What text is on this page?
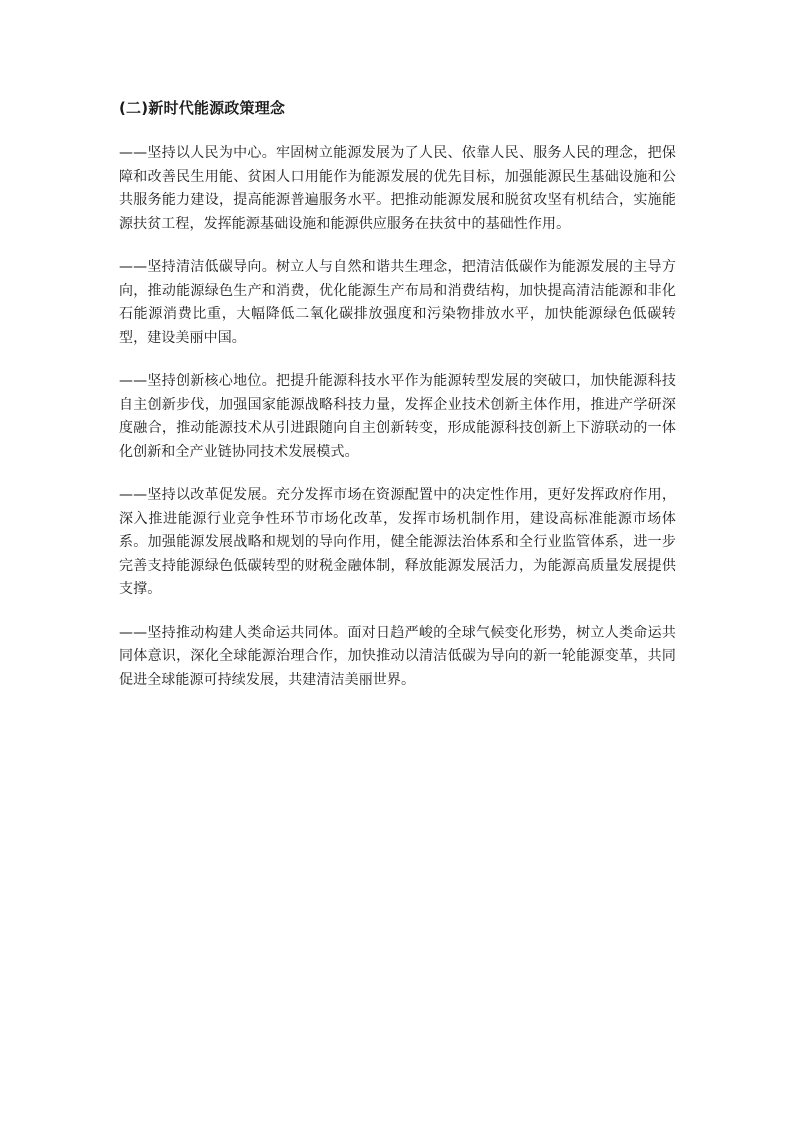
(二)新时代能源政策理念

——坚持以人民为中心。牢固树立能源发展为了人民、依靠人民、服务人民的理念，把保障和改善民生用能、贫困人口用能作为能源发展的优先目标，加强能源民生基础设施和公共服务能力建设，提高能源普遍服务水平。把推动能源发展和脱贫攻坚有机结合，实施能源扶贫工程，发挥能源基础设施和能源供应服务在扶贫中的基础性作用。

——坚持清洁低碳导向。树立人与自然和谐共生理念，把清洁低碳作为能源发展的主导方向，推动能源绿色生产和消费，优化能源生产布局和消费结构，加快提高清洁能源和非化石能源消费比重，大幅降低二氧化碳排放强度和污染物排放水平，加快能源绿色低碳转型，建设美丽中国。

——坚持创新核心地位。把提升能源科技水平作为能源转型发展的突破口，加快能源科技自主创新步伐，加强国家能源战略科技力量，发挥企业技术创新主体作用，推进产学研深度融合，推动能源技术从引进跟随向自主创新转变，形成能源科技创新上下游联动的一体化创新和全产业链协同技术发展模式。

——坚持以改革促发展。充分发挥市场在资源配置中的决定性作用，更好发挥政府作用，深入推进能源行业竞争性环节市场化改革，发挥市场机制作用，建设高标准能源市场体系。加强能源发展战略和规划的导向作用，健全能源法治体系和全行业监管体系，进一步完善支持能源绿色低碳转型的财税金融体制，释放能源发展活力，为能源高质量发展提供支撑。

——坚持推动构建人类命运共同体。面对日趋严峻的全球气候变化形势，树立人类命运共同体意识，深化全球能源治理合作，加快推动以清洁低碳为导向的新一轮能源变革，共同促进全球能源可持续发展，共建清洁美丽世界。
